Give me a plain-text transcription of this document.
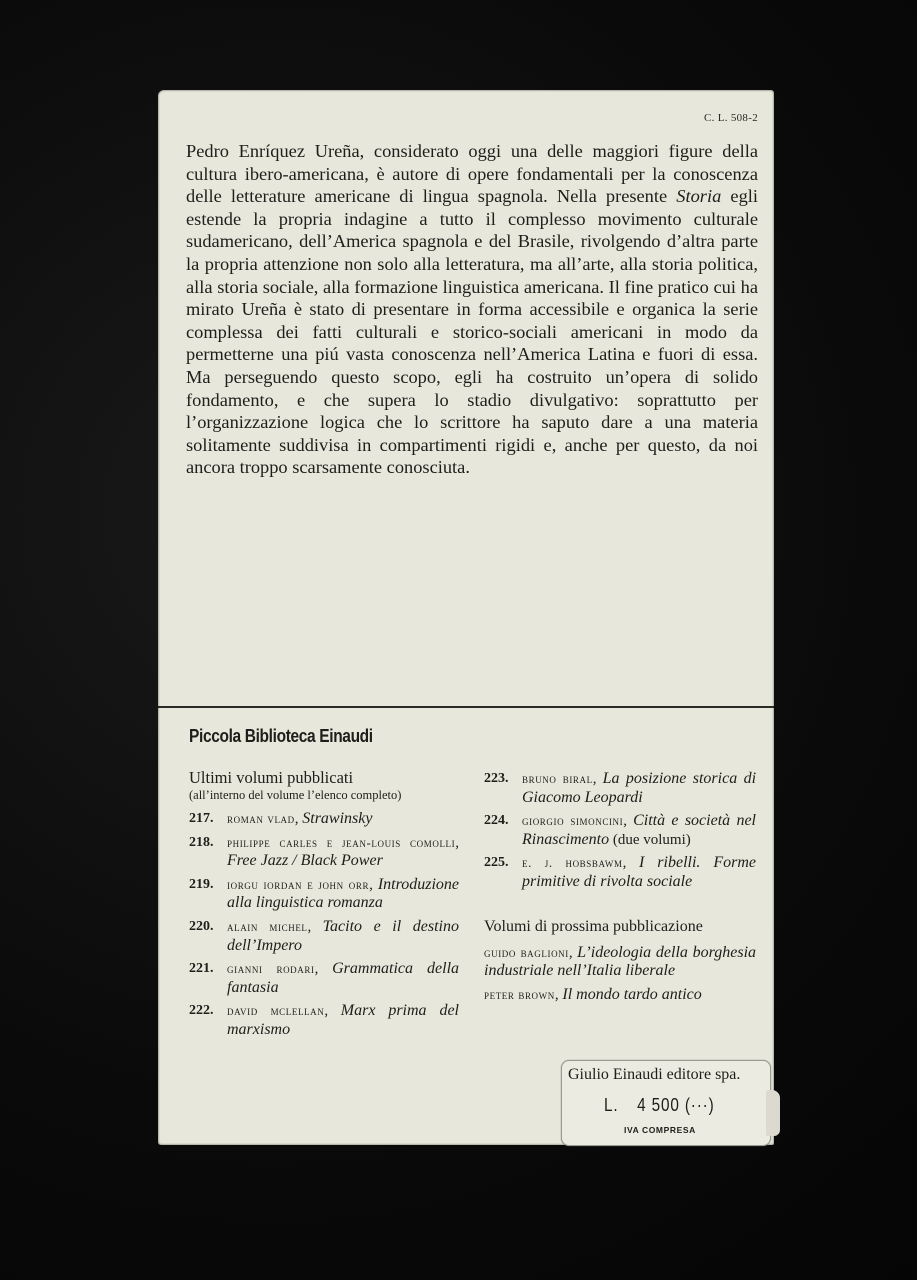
C. L. 508-2

Pedro Enríquez Ureña, considerato oggi una delle maggiori figure della cultura ibero-americana, è autore di opere fondamentali per la conoscenza delle letterature americane di lingua spagnola. Nella presente Storia egli estende la propria indagine a tutto il complesso movimento culturale sudamericano, dell’America spagnola e del Brasile, rivolgendo d’altra parte la propria attenzione non solo alla letteratura, ma all’arte, alla storia politica, alla storia sociale, alla formazione linguistica americana. Il fine pratico cui ha mirato Ureña è stato di presentare in forma accessibile e organica la serie complessa dei fatti culturali e storico-sociali americani in modo da permetterne una piú vasta conoscenza nell’America Latina e fuori di essa. Ma perseguendo questo scopo, egli ha costruito un’opera di solido fondamento, e che supera lo stadio divulgativo: soprattutto per l’organizzazione logica che lo scrittore ha saputo dare a una materia solitamente suddivisa in compartimenti rigidi e, anche per questo, da noi ancora troppo scarsamente conosciuta.

Piccola Biblioteca Einaudi
Ultimi volumi pubblicati
(all’interno del volume l’elenco completo)
217.	roman vlad, Strawinsky
218.	philippe carles e jean-louis comolli, Free Jazz / Black Power
219.	iorgu iordan e john orr, Introduzione alla linguistica romanza
220.	alain michel, Tacito e il destino dell’Impero
221.	gianni rodari, Grammatica della fantasia
222.	david mclellan, Marx prima del marxismo
223.	bruno biral, La posizione storica di Giacomo Leopardi
224.	giorgio simoncini, Città e società nel Rinascimento (due volumi)
225.	e. j. hobsbawm, I ribelli. Forme primitive di rivolta sociale
Volumi di prossima pubblicazione
guido baglioni, L’ideologia della borghesia industriale nell’Italia liberale
peter brown, Il mondo tardo antico
Giulio Einaudi editore spa.
L. 4 500 (···)
IVA COMPRESA
